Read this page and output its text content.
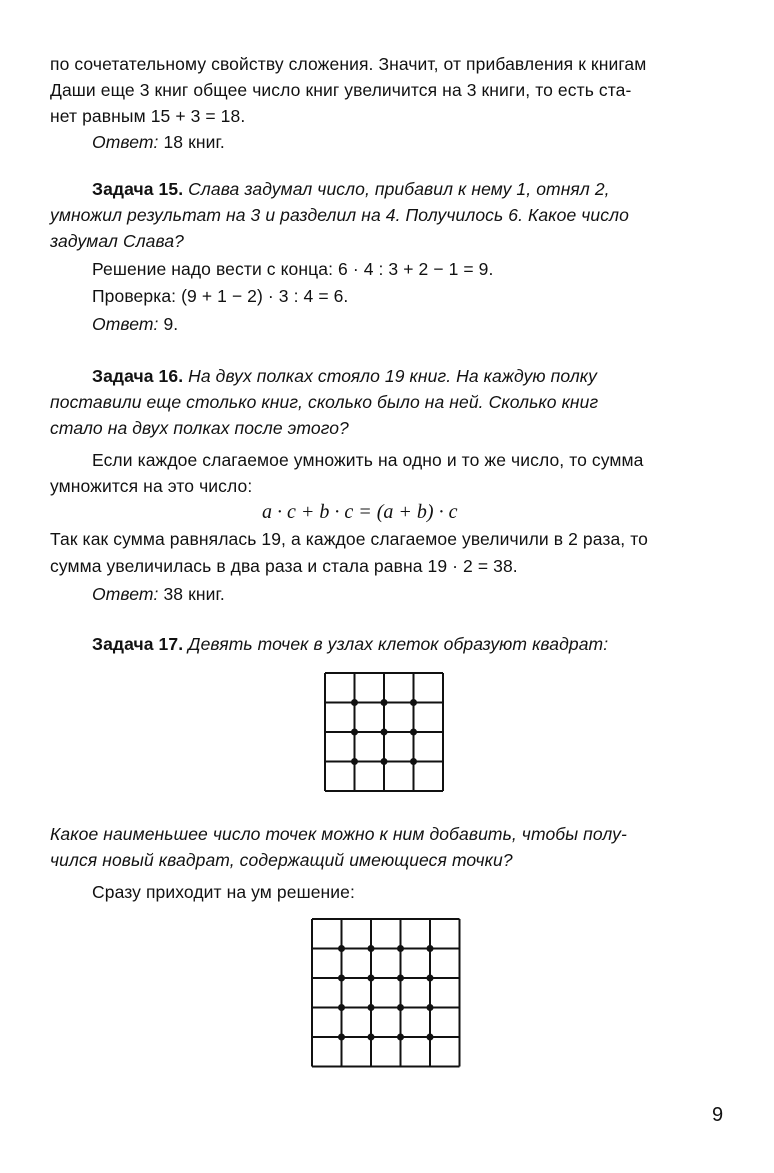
по сочетательному свойству сложения. Значит, от прибавления к книгам
Даши еще 3 книг общее число книг увеличится на 3 книги, то есть ста-
нет равным 15 + 3 = 18.
Ответ: 18 книг.
Задача 15. Слава задумал число, прибавил к нему 1, отнял 2,
умножил результат на 3 и разделил на 4. Получилось 6. Какое число
задумал Слава?
Решение надо вести с конца: 6 · 4 : 3 + 2 − 1 = 9.
Проверка: (9 + 1 − 2) · 3 : 4 = 6.
Ответ: 9.
Задача 16. На двух полках стояло 19 книг. На каждую полку
поставили еще столько книг, сколько было на ней. Сколько книг
стало на двух полках после этого?
Если каждое слагаемое умножить на одно и то же число, то сумма
умножится на это число:
a · c + b · c = (a + b) · c
Так как сумма равнялась 19, а каждое слагаемое увеличили в 2 раза, то
сумма увеличилась в два раза и стала равна 19 · 2 = 38.
Ответ: 38 книг.
Задача 17. Девять точек в узлах клеток образуют квадрат:
Какое наименьшее число точек можно к ним добавить, чтобы полу-
чился новый квадрат, содержащий имеющиеся точки?
Сразу приходит на ум решение:
9
